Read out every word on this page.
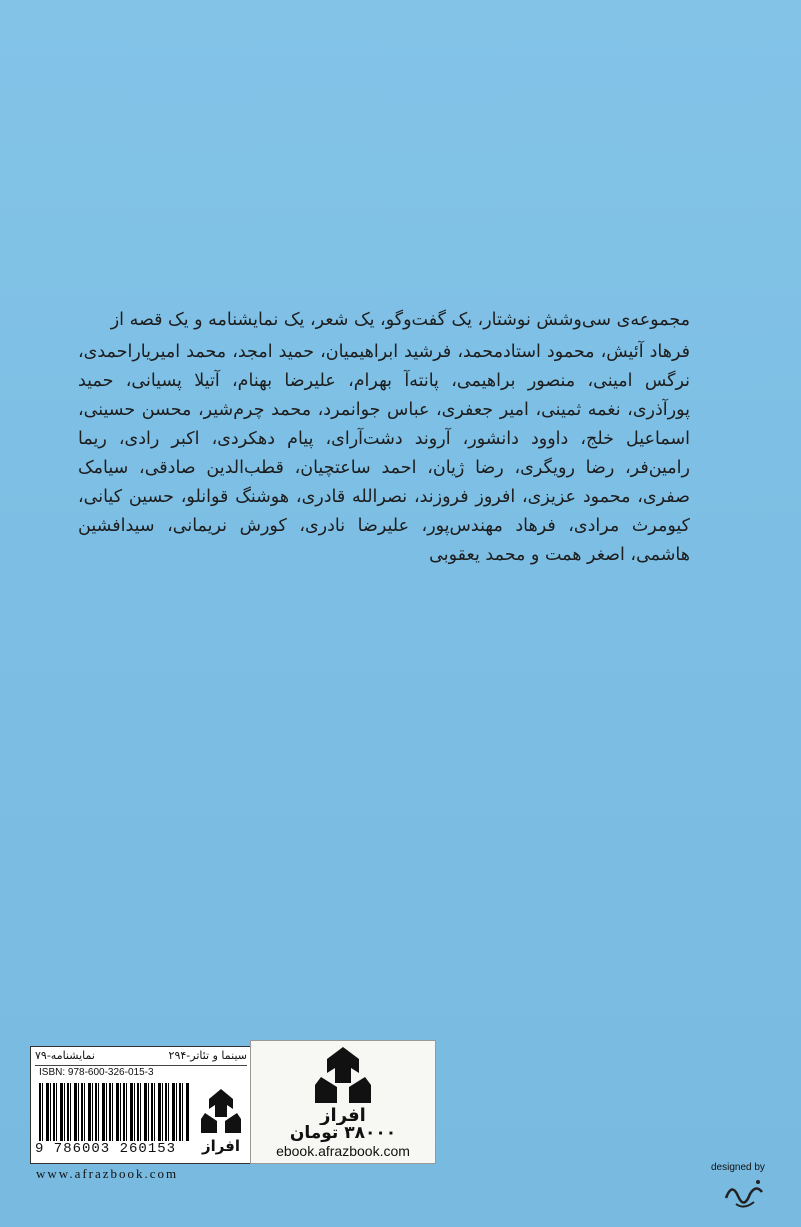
مجموعه‌ی سی‌وشش نوشتار، یک گفت‌وگو، یک شعر، یک نمایشنامه و یک قصه از

فرهاد آئیش، محمود استادمحمد، فرشید ابراهیمیان، حمید امجد، محمد امیریاراحمدی، نرگس امینی، منصور براهیمی، پانته‌آ بهرام، علیرضا بهنام، آتیلا پسیانی، حمید پورآذری، نغمه ثمینی، امیر جعفری، عباس جوانمرد، محمد چرم‌شیر، محسن حسینی، اسماعیل خلج، داوود دانشور، آروند دشت‌آرای، پیام دهکردی، اکبر رادی، ریما رامین‌فر، رضا رویگری، رضا ژیان، احمد ساعتچیان، قطب‌الدین صادقی، سیامک صفری، محمود عزیزی، افروز فروزند، نصرالله قادری، هوشنگ قوانلو، حسین کیانی، کیومرث مرادی، فرهاد مهندس‌پور، علیرضا نادری، کورش نریمانی، سیدافشین هاشمی، اصغر همت و محمد یعقوبی

سینما و تئاتر-۲۹۴
نمایشنامه-۷۹
ISBN: 978-600-326-015-3
9 786003 260153	افراز
افراز
۳۸۰۰۰ تومان
ebook.afrazbook.com
www.afrazbook.com	designed by
